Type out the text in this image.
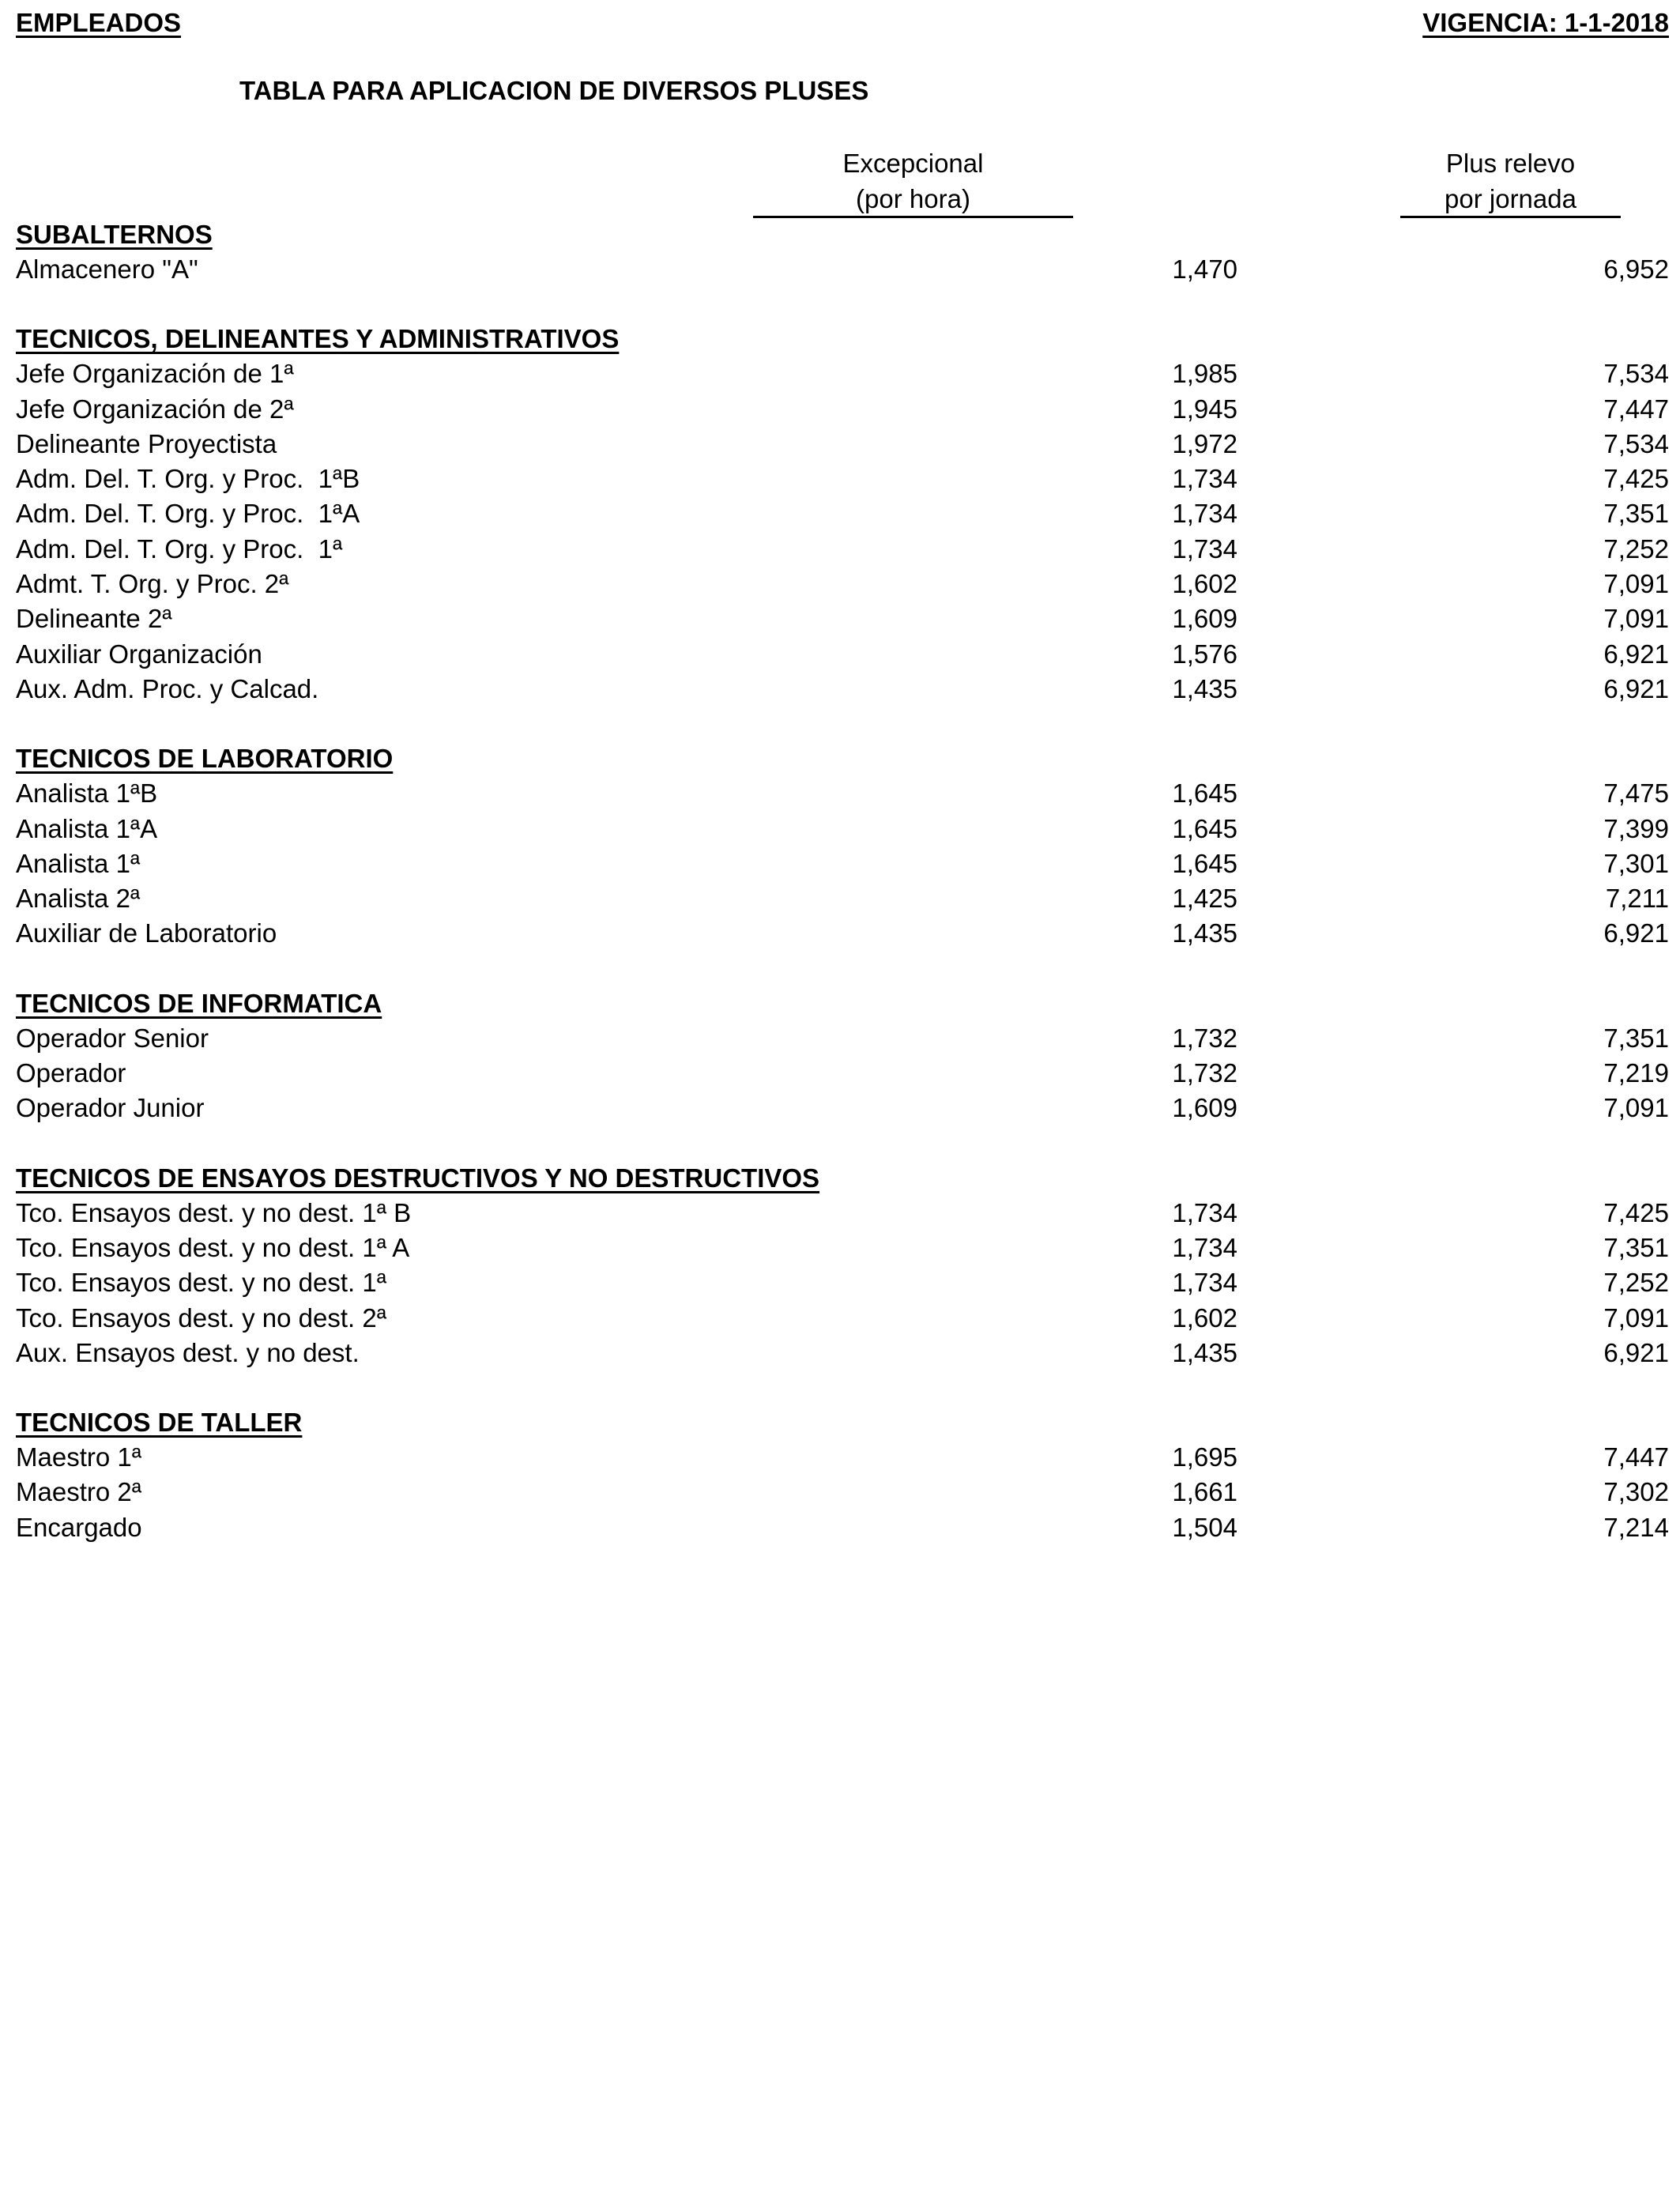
EMPLEADOS	VIGENCIA: 1-1-2018
TABLA PARA APLICACION DE DIVERSOS PLUSES
Excepcional
(por hora)
Plus relevo
por jornada
SUBALTERNOS
Almacenero "A"	1,470	6,952
TECNICOS, DELINEANTES Y ADMINISTRATIVOS
Jefe Organización de 1ª	1,985	7,534
Jefe Organización de 2ª	1,945	7,447
Delineante Proyectista	1,972	7,534
Adm. Del. T. Org. y Proc.  1ªB	1,734	7,425
Adm. Del. T. Org. y Proc.  1ªA	1,734	7,351
Adm. Del. T. Org. y Proc.  1ª	1,734	7,252
Admt. T. Org. y Proc. 2ª	1,602	7,091
Delineante 2ª	1,609	7,091
Auxiliar Organización	1,576	6,921
Aux. Adm. Proc. y Calcad.	1,435	6,921
TECNICOS DE LABORATORIO
Analista 1ªB	1,645	7,475
Analista 1ªA	1,645	7,399
Analista 1ª	1,645	7,301
Analista 2ª	1,425	7,211
Auxiliar de Laboratorio	1,435	6,921
TECNICOS DE INFORMATICA
Operador Senior	1,732	7,351
Operador	1,732	7,219
Operador Junior	1,609	7,091
TECNICOS DE ENSAYOS DESTRUCTIVOS Y NO DESTRUCTIVOS
Tco. Ensayos dest. y no dest. 1ª B	1,734	7,425
Tco. Ensayos dest. y no dest. 1ª A	1,734	7,351
Tco. Ensayos dest. y no dest. 1ª	1,734	7,252
Tco. Ensayos dest. y no dest. 2ª	1,602	7,091
Aux. Ensayos dest. y no dest.	1,435	6,921
TECNICOS DE TALLER
Maestro 1ª	1,695	7,447
Maestro 2ª	1,661	7,302
Encargado	1,504	7,214
